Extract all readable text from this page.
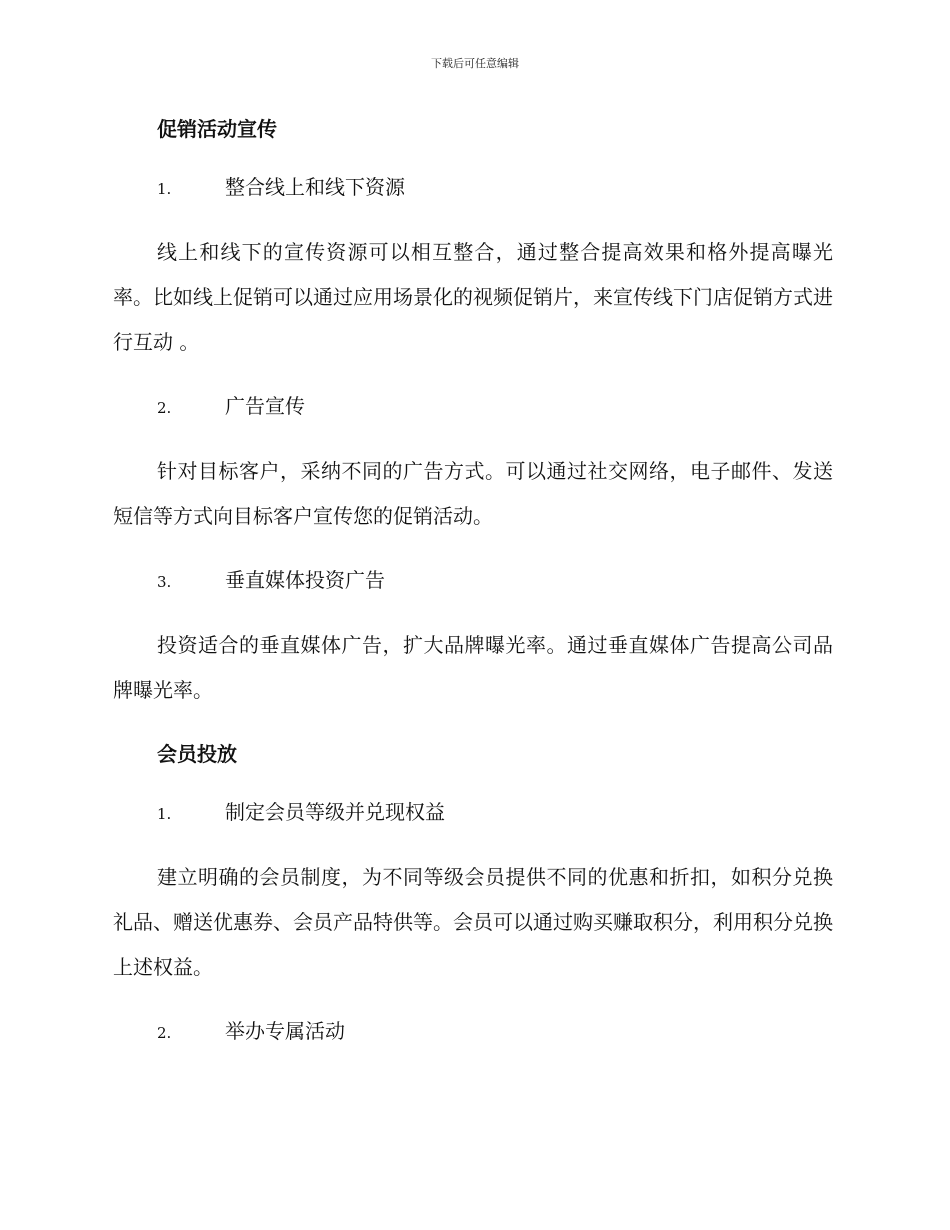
下载后可任意编辑
促销活动宣传
1.	整合线上和线下资源

线上和线下的宣传资源可以相互整合，通过整合提高效果和格外提高曝光率。比如线上促销可以通过应用场景化的视频促销片，来宣传线下门店促销方式进行互动 。

2.	广告宣传

针对目标客户，采纳不同的广告方式。可以通过社交网络，电子邮件、发送短信等方式向目标客户宣传您的促销活动。

3.	垂直媒体投资广告

投资适合的垂直媒体广告，扩大品牌曝光率。通过垂直媒体广告提高公司品牌曝光率。

会员投放
1.	制定会员等级并兑现权益

建立明确的会员制度，为不同等级会员提供不同的优惠和折扣，如积分兑换礼品、赠送优惠券、会员产品特供等。会员可以通过购买赚取积分，利用积分兑换上述权益。

2.	举办专属活动
